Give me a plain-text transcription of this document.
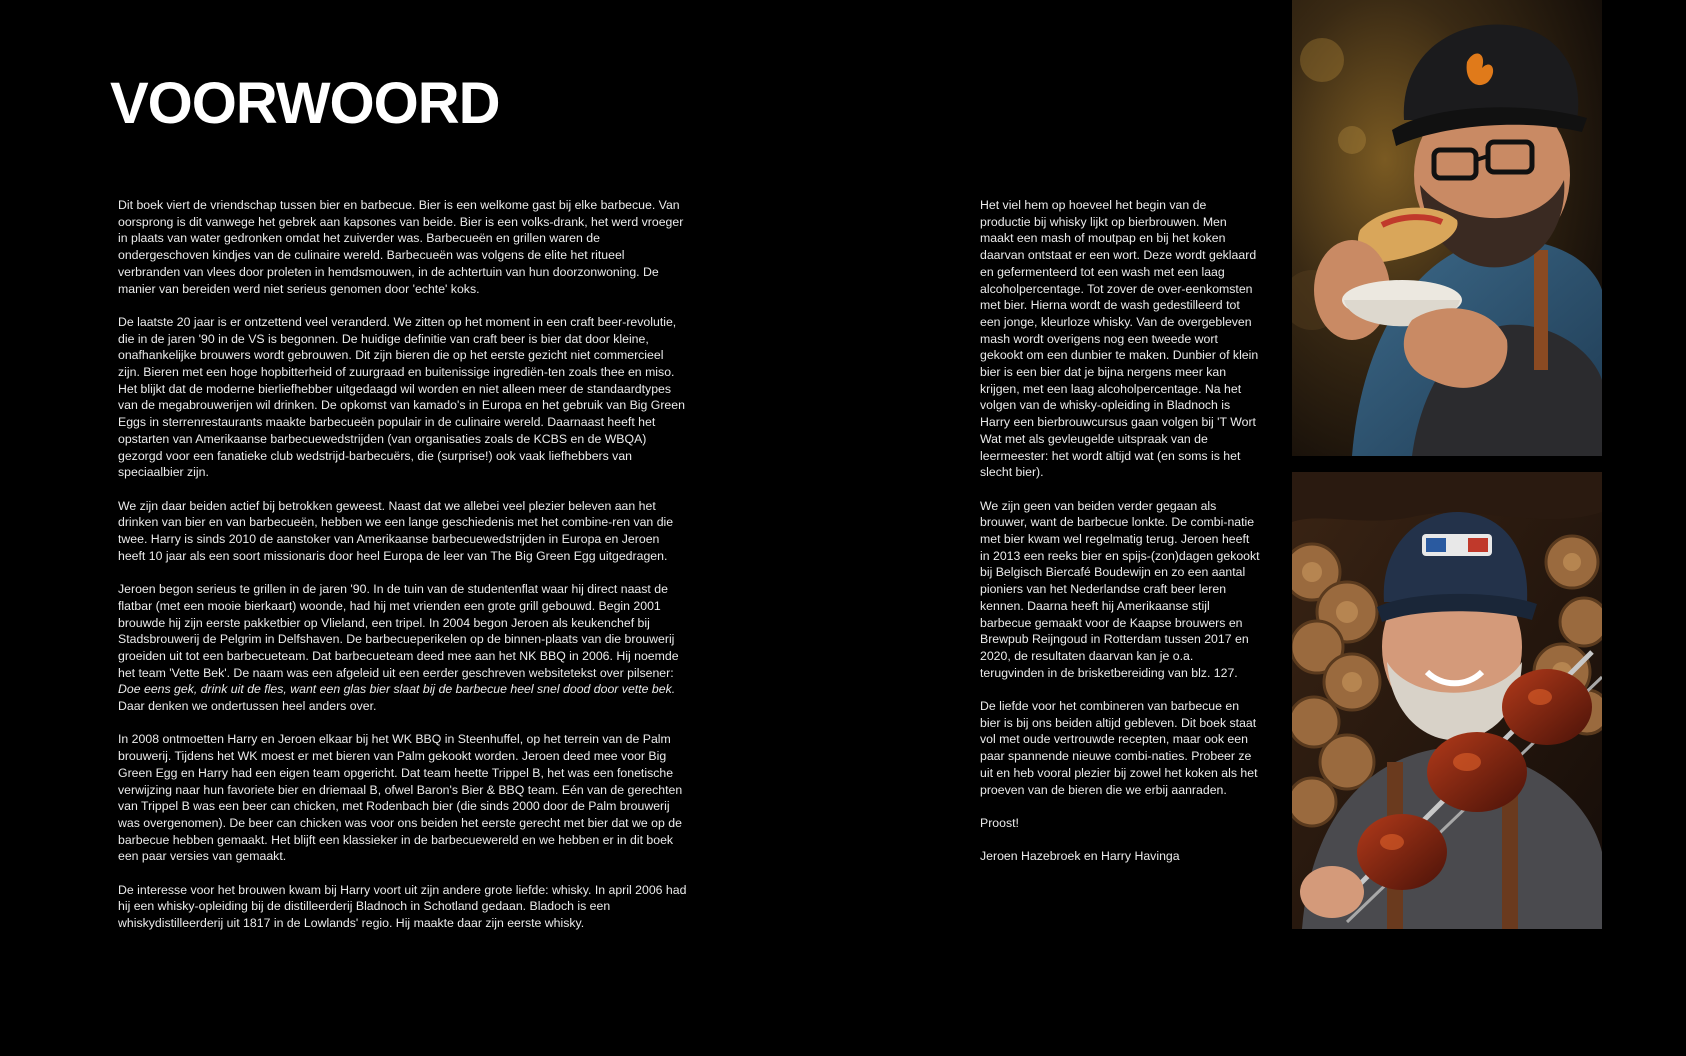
VOORWOORD

Dit boek viert de vriendschap tussen bier en barbecue. Bier is een welkome gast bij elke barbecue. Van oorsprong is dit vanwege het gebrek aan kapsones van beide. Bier is een volks-drank, het werd vroeger in plaats van water gedronken omdat het zuiverder was. Barbecueën en grillen waren de ondergeschoven kindjes van de culinaire wereld. Barbecueën was volgens de elite het ritueel verbranden van vlees door proleten in hemdsmouwen, in de achtertuin van hun doorzonwoning. De manier van bereiden werd niet serieus genomen door 'echte' koks.

De laatste 20 jaar is er ontzettend veel veranderd. We zitten op het moment in een craft beer-revolutie, die in de jaren '90 in de VS is begonnen. De huidige definitie van craft beer is bier dat door kleine, onafhankelijke brouwers wordt gebrouwen. Dit zijn bieren die op het eerste gezicht niet commercieel zijn. Bieren met een hoge hopbitterheid of zuurgraad en buitenissige ingrediën-ten zoals thee en miso. Het blijkt dat de moderne bierliefhebber uitgedaagd wil worden en niet alleen meer de standaardtypes van de megabrouwerijen wil drinken. De opkomst van kamado's in Europa en het gebruik van Big Green Eggs in sterrenrestaurants maakte barbecueën populair in de culinaire wereld. Daarnaast heeft het opstarten van Amerikaanse barbecuewedstrijden (van organisaties zoals de KCBS en de WBQA) gezorgd voor een fanatieke club wedstrijd-barbecuërs, die (surprise!) ook vaak liefhebbers van speciaalbier zijn.

We zijn daar beiden actief bij betrokken geweest. Naast dat we allebei veel plezier beleven aan het drinken van bier en van barbecueën, hebben we een lange geschiedenis met het combine-ren van die twee. Harry is sinds 2010 de aanstoker van Amerikaanse barbecuewedstrijden in Europa en Jeroen heeft 10 jaar als een soort missionaris door heel Europa de leer van The Big Green Egg uitgedragen.

Jeroen begon serieus te grillen in de jaren '90. In de tuin van de studentenflat waar hij direct naast de flatbar (met een mooie bierkaart) woonde, had hij met vrienden een grote grill gebouwd. Begin 2001 brouwde hij zijn eerste pakketbier op Vlieland, een tripel. In 2004 begon Jeroen als keukenchef bij Stadsbrouwerij de Pelgrim in Delfshaven. De barbecueperikelen op de binnen-plaats van die brouwerij groeiden uit tot een barbecueteam. Dat barbecueteam deed mee aan het NK BBQ in 2006. Hij noemde het team 'Vette Bek'. De naam was een afgeleid uit een eerder geschreven websitetekst over pilsener: Doe eens gek, drink uit de fles, want een glas bier slaat bij de barbecue heel snel dood door vette bek. Daar denken we ondertussen heel anders over.

In 2008 ontmoetten Harry en Jeroen elkaar bij het WK BBQ in Steenhuffel, op het terrein van de Palm brouwerij. Tijdens het WK moest er met bieren van Palm gekookt worden. Jeroen deed mee voor Big Green Egg en Harry had een eigen team opgericht. Dat team heette Trippel B, het was een fonetische verwijzing naar hun favoriete bier en driemaal B, ofwel Baron's Bier & BBQ team. Eén van de gerechten van Trippel B was een beer can chicken, met Rodenbach bier (die sinds 2000 door de Palm brouwerij was overgenomen). De beer can chicken was voor ons beiden het eerste gerecht met bier dat we op de barbecue hebben gemaakt. Het blijft een klassieker in de barbecuewereld en we hebben er in dit boek een paar versies van gemaakt.

De interesse voor het brouwen kwam bij Harry voort uit zijn andere grote liefde: whisky. In april 2006 had hij een whisky-opleiding bij de distilleerderij Bladnoch in Schotland gedaan. Bladoch is een whiskydistilleerderij uit 1817 in de Lowlands' regio. Hij maakte daar zijn eerste whisky.

Het viel hem op hoeveel het begin van de productie bij whisky lijkt op bierbrouwen. Men maakt een mash of moutpap en bij het koken daarvan ontstaat er een wort. Deze wordt geklaard en gefermenteerd tot een wash met een laag alcoholpercentage. Tot zover de over-eenkomsten met bier. Hierna wordt de wash gedestilleerd tot een jonge, kleurloze whisky. Van de overgebleven mash wordt overigens nog een tweede wort gekookt om een dunbier te maken. Dunbier of klein bier is een bier dat je bijna nergens meer kan krijgen, met een laag alcoholpercentage. Na het volgen van de whisky-opleiding in Bladnoch is Harry een bierbrouwcursus gaan volgen bij 'T Wort Wat met als gevleugelde uitspraak van de leermeester: het wordt altijd wat (en soms is het slecht bier).

We zijn geen van beiden verder gegaan als brouwer, want de barbecue lonkte. De combi-natie met bier kwam wel regelmatig terug. Jeroen heeft in 2013 een reeks bier en spijs-(zon)dagen gekookt bij Belgisch Biercafé Boudewijn en zo een aantal pioniers van het Nederlandse craft beer leren kennen. Daarna heeft hij Amerikaanse stijl barbecue gemaakt voor de Kaapse brouwers en Brewpub Reijngoud in Rotterdam tussen 2017 en 2020, de resultaten daarvan kan je o.a. terugvinden in de brisketbereiding van blz. 127.

De liefde voor het combineren van barbecue en bier is bij ons beiden altijd gebleven. Dit boek staat vol met oude vertrouwde recepten, maar ook een paar spannende nieuwe combi-naties. Probeer ze uit en heb vooral plezier bij zowel het koken als het proeven van de bieren die we erbij aanraden.

Proost!

Jeroen Hazebroek en Harry Havinga
